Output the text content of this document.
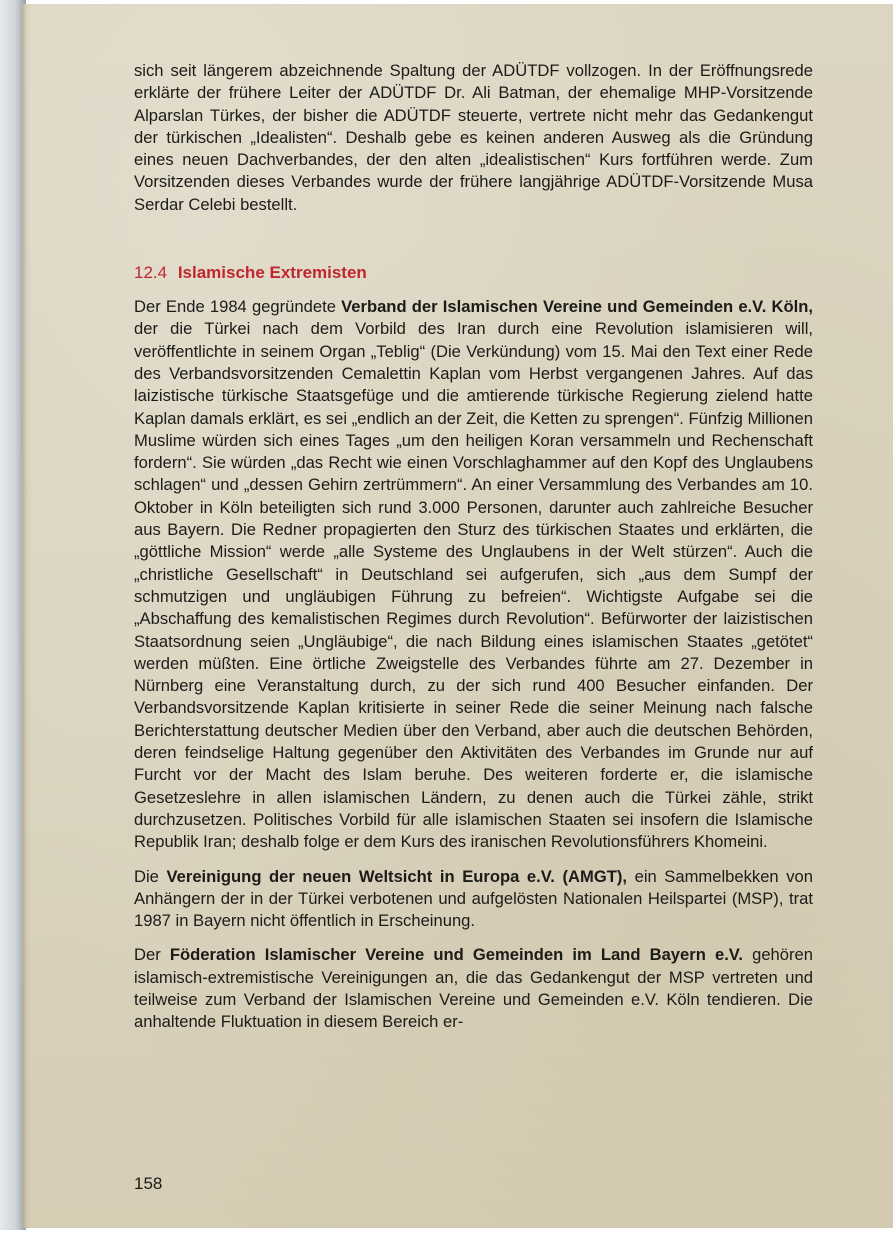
sich seit längerem abzeichnende Spaltung der ADÜTDF vollzogen. In der Eröffnungsrede erklärte der frühere Leiter der ADÜTDF Dr. Ali Batman, der ehemalige MHP-Vorsitzende Alparslan Türkes, der bisher die ADÜTDF steuerte, vertrete nicht mehr das Gedankengut der türkischen „Idealisten“. Deshalb gebe es keinen anderen Ausweg als die Gründung eines neuen Dachverbandes, der den alten „idealistischen“ Kurs fortführen werde. Zum Vorsitzenden dieses Verbandes wurde der frühere langjährige ADÜTDF-Vorsitzende Musa Serdar Celebi bestellt.

12.4 Islamische Extremisten

Der Ende 1984 gegründete Verband der Islamischen Vereine und Gemeinden e.V. Köln, der die Türkei nach dem Vorbild des Iran durch eine Revolution islamisieren will, veröffentlichte in seinem Organ „Teblig“ (Die Verkündung) vom 15. Mai den Text einer Rede des Verbandsvorsitzenden Cemalettin Kaplan vom Herbst vergangenen Jahres. Auf das laizistische türkische Staatsgefüge und die amtierende türkische Regierung zielend hatte Kaplan damals erklärt, es sei „endlich an der Zeit, die Ketten zu sprengen“. Fünfzig Millionen Muslime würden sich eines Tages „um den heiligen Koran versammeln und Rechenschaft fordern“. Sie würden „das Recht wie einen Vorschlaghammer auf den Kopf des Unglaubens schlagen“ und „dessen Gehirn zertrümmern“. An einer Versammlung des Verbandes am 10. Oktober in Köln beteiligten sich rund 3.000 Personen, darunter auch zahlreiche Besucher aus Bayern. Die Redner propagierten den Sturz des türkischen Staates und erklärten, die „göttliche Mission“ werde „alle Systeme des Unglaubens in der Welt stürzen“. Auch die „christliche Gesellschaft“ in Deutschland sei aufgerufen, sich „aus dem Sumpf der schmutzigen und ungläubigen Führung zu befreien“. Wichtigste Aufgabe sei die „Abschaffung des kemalistischen Regimes durch Revolution“. Befürworter der laizistischen Staatsordnung seien „Ungläubige“, die nach Bildung eines islamischen Staates „getötet“ werden müßten. Eine örtliche Zweigstelle des Verbandes führte am 27. Dezember in Nürnberg eine Veranstaltung durch, zu der sich rund 400 Besucher einfanden. Der Verbandsvorsitzende Kaplan kritisierte in seiner Rede die seiner Meinung nach falsche Berichterstattung deutscher Medien über den Verband, aber auch die deutschen Behörden, deren feindselige Haltung gegenüber den Aktivitäten des Verbandes im Grunde nur auf Furcht vor der Macht des Islam beruhe. Des weiteren forderte er, die islamische Gesetzeslehre in allen islamischen Ländern, zu denen auch die Türkei zähle, strikt durchzusetzen. Politisches Vorbild für alle islamischen Staaten sei insofern die Islamische Republik Iran; deshalb folge er dem Kurs des iranischen Revolutionsführers Khomeini.

Die Vereinigung der neuen Weltsicht in Europa e.V. (AMGT), ein Sammelbekken von Anhängern der in der Türkei verbotenen und aufgelösten Nationalen Heilspartei (MSP), trat 1987 in Bayern nicht öffentlich in Erscheinung.

Der Föderation Islamischer Vereine und Gemeinden im Land Bayern e.V. gehören islamisch-extremistische Vereinigungen an, die das Gedankengut der MSP vertreten und teilweise zum Verband der Islamischen Vereine und Gemeinden e.V. Köln tendieren. Die anhaltende Fluktuation in diesem Bereich er-

158
